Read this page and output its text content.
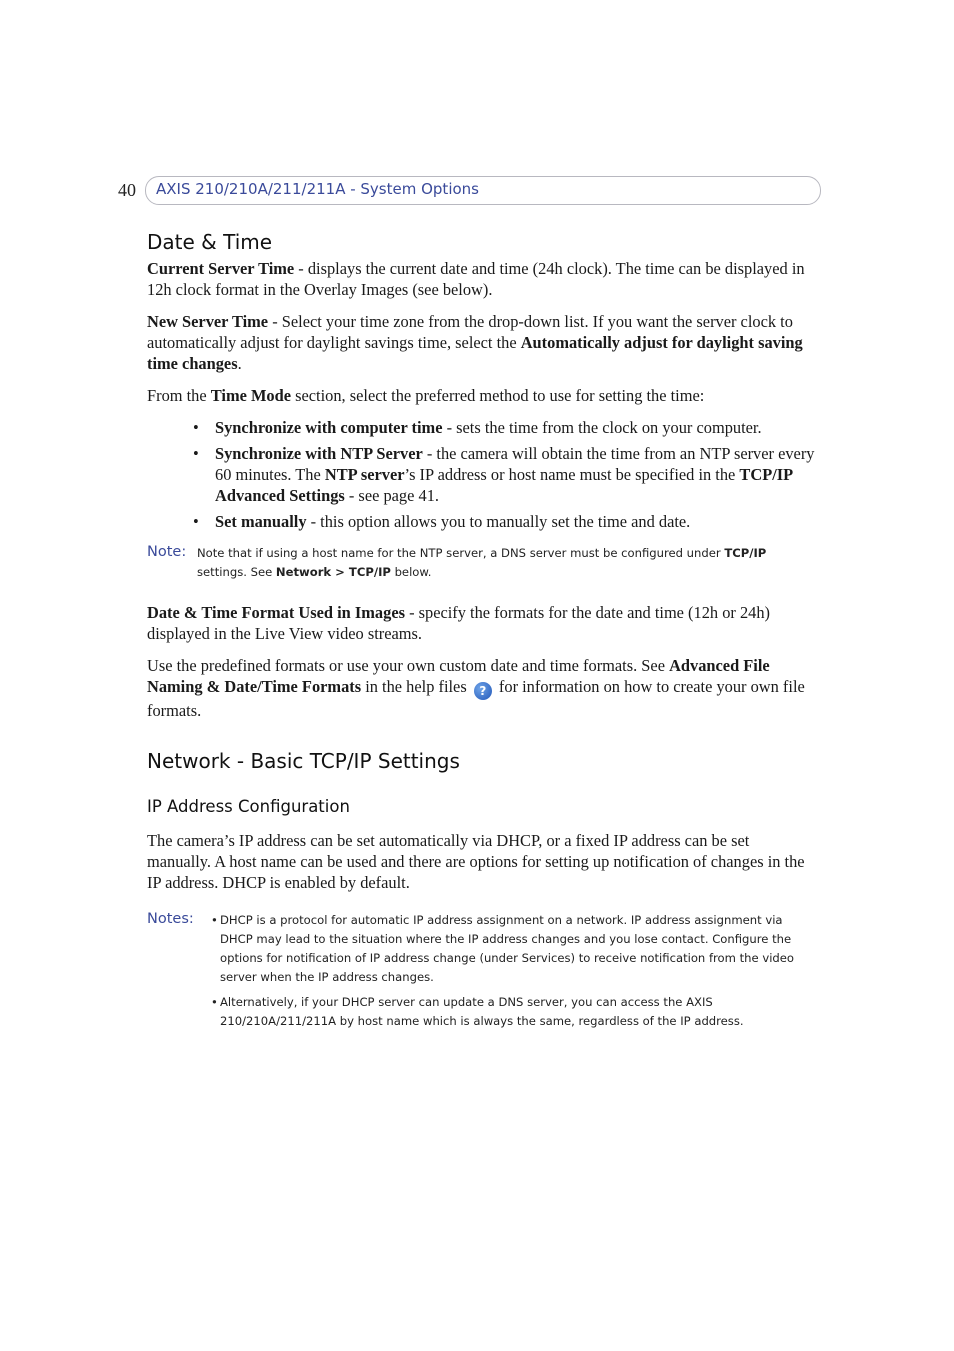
40 AXIS 210/210A/211/211A - System Options
Date & Time

Current Server Time - displays the current date and time (24h clock). The time can be displayed in 12h clock format in the Overlay Images (see below).

New Server Time - Select your time zone from the drop-down list. If you want the server clock to automatically adjust for daylight savings time, select the Automatically adjust for daylight saving time changes.

From the Time Mode section, select the preferred method to use for setting the time:

• Synchronize with computer time - sets the time from the clock on your computer.
• Synchronize with NTP Server - the camera will obtain the time from an NTP server every 60 minutes. The NTP server’s IP address or host name must be specified in the TCP/IP Advanced Settings - see page 41.
• Set manually - this option allows you to manually set the time and date.
Note: Note that if using a host name for the NTP server, a DNS server must be configured under TCP/IP settings. See Network > TCP/IP below.

Date & Time Format Used in Images - specify the formats for the date and time (12h or 24h) displayed in the Live View video streams.

Use the predefined formats or use your own custom date and time formats. See Advanced File Naming & Date/Time Formats in the help files ? for information on how to create your own file formats.

Network - Basic TCP/IP Settings
IP Address Configuration

The camera’s IP address can be set automatically via DHCP, or a fixed IP address can be set manually. A host name can be used and there are options for setting up notification of changes in the IP address. DHCP is enabled by default.

Notes:	• DHCP is a protocol for automatic IP address assignment on a network. IP address assignment via DHCP may lead to the situation where the IP address changes and you lose contact. Configure the options for notification of IP address change (under Services) to receive notification from the video server when the IP address changes.
• Alternatively, if your DHCP server can update a DNS server, you can access the AXIS 210/210A/211/211A by host name which is always the same, regardless of the IP address.
